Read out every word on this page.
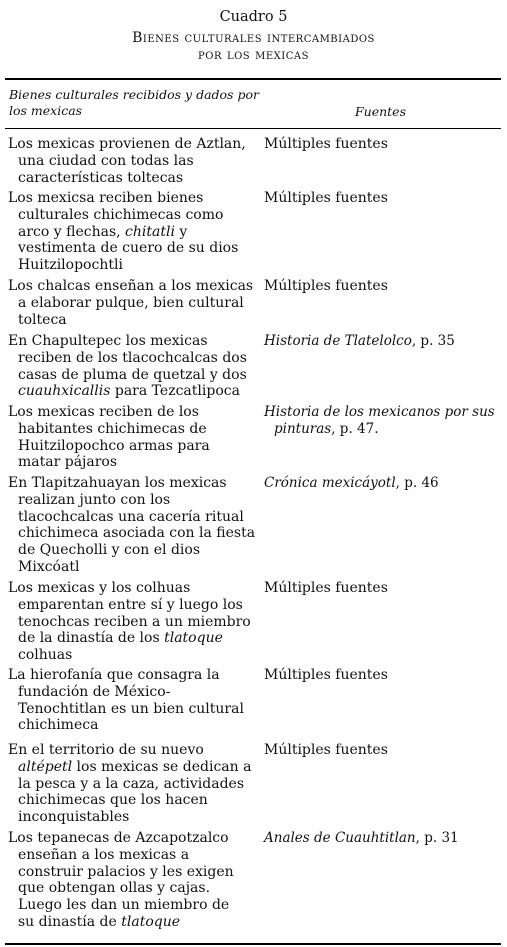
Cuadro 5
Bienes culturales intercambiados
por los mexicas
Bienes culturales recibidos y dados por los mexicas	Fuentes
Los mexicas provienen de Aztlan,
una ciudad con todas las
características toltecas
Múltiples fuentes
Los mexicsa reciben bienes
culturales chichimecas como
arco y flechas, chitatli y
vestimenta de cuero de su dios
Huitzilopochtli
Múltiples fuentes
Los chalcas enseñan a los mexicas
a elaborar pulque, bien cultural
tolteca
Múltiples fuentes
En Chapultepec los mexicas
reciben de los tlacochcalcas dos
casas de pluma de quetzal y dos
cuauhxicallis para Tezcatlipoca
Historia de Tlatelolco, p. 35
Los mexicas reciben de los
habitantes chichimecas de
Huitzilopochco armas para
matar pájaros
Historia de los mexicanos por sus
pinturas, p. 47.
En Tlapitzahuayan los mexicas
realizan junto con los
tlacochcalcas una cacería ritual
chichimeca asociada con la fiesta
de Quecholli y con el dios
Mixcóatl
Crónica mexicáyotl, p. 46
Los mexicas y los colhuas
emparentan entre sí y luego los
tenochcas reciben a un miembro
de la dinastía de los tlatoque
colhuas
Múltiples fuentes
La hierofanía que consagra la
fundación de México-
Tenochtitlan es un bien cultural
chichimeca
Múltiples fuentes
En el territorio de su nuevo
altépetl los mexicas se dedican a
la pesca y a la caza, actividades
chichimecas que los hacen
inconquistables
Múltiples fuentes
Los tepanecas de Azcapotzalco
enseñan a los mexicas a
construir palacios y les exigen
que obtengan ollas y cajas.
Luego les dan un miembro de
su dinastía de tlatoque
Anales de Cuauhtitlan, p. 31
